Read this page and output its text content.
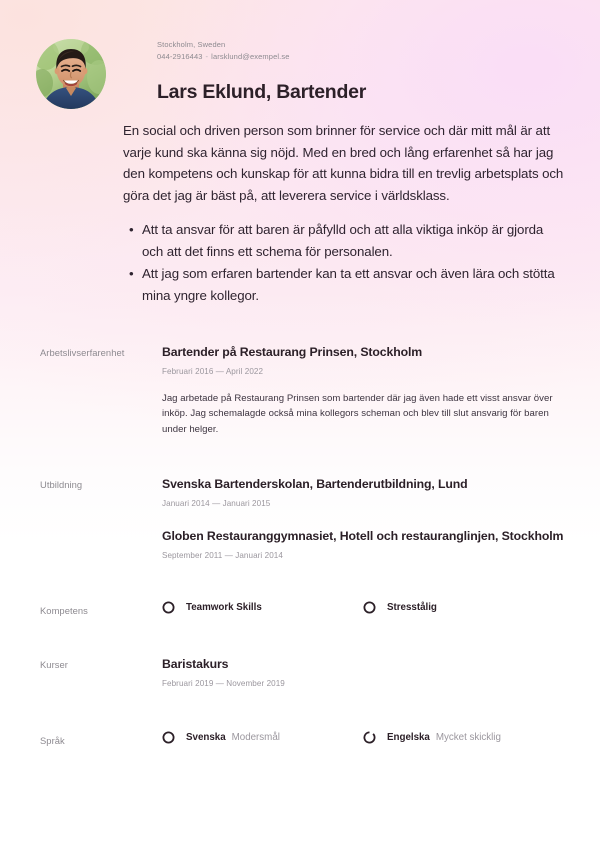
Stockholm, Sweden
044-2916443 - larsklund@exempel.se
Lars Eklund, Bartender

En social och driven person som brinner för service och där mitt mål är att varje kund ska känna sig nöjd. Med en bred och lång erfarenhet så har jag den kompetens och kunskap för att kunna bidra till en trevlig arbetsplats och göra det jag är bäst på, att leverera service i världsklass.

• Att ta ansvar för att baren är påfylld och att alla viktiga inköp är gjorda och att det finns ett schema för personalen.
• Att jag som erfaren bartender kan ta ett ansvar och även lära och stötta mina yngre kollegor.
Arbetslivserfarenhet	Bartender på Restaurang Prinsen, Stockholm
Februari 2016 — April 2022
Jag arbetade på Restaurang Prinsen som bartender där jag även hade ett visst ansvar över inköp. Jag schemalagde också mina kollegors scheman och blev till slut ansvarig för baren under helger.
Utbildning	Svenska Bartenderskolan, Bartenderutbildning, Lund
Januari 2014 — Januari 2015
Globen Restauranggymnasiet, Hotell och restauranglinjen, Stockholm
September 2011 — Januari 2014
Kompetens	Teamwork Skills	Stresstålig
Kurser	Baristakurs
Februari 2019 — November 2019
Språk	Svenska Modersmål	Engelska Mycket skicklig
